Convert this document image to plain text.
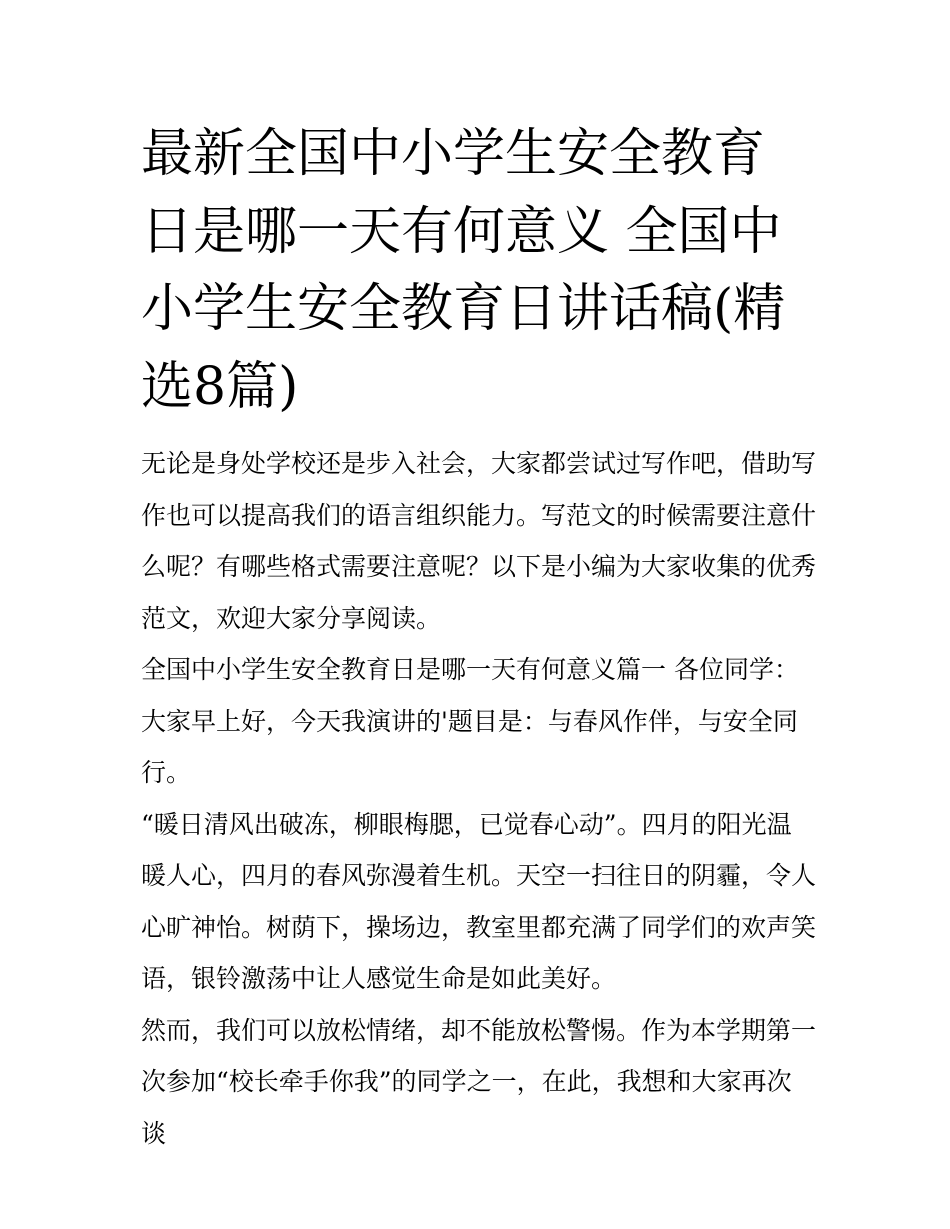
最新全国中小学生安全教育日是哪一天有何意义 全国中小学生安全教育日讲话稿(精选8篇)

无论是身处学校还是步入社会，大家都尝试过写作吧，借助写作也可以提高我们的语言组织能力。写范文的时候需要注意什么呢？有哪些格式需要注意呢？以下是小编为大家收集的优秀范文，欢迎大家分享阅读。

全国中小学生安全教育日是哪一天有何意义篇一 各位同学：

大家早上好，今天我演讲的'题目是：与春风作伴，与安全同行。

“暖日清风出破冻，柳眼梅腮，已觉春心动”。四月的阳光温暖人心，四月的春风弥漫着生机。天空一扫往日的阴霾，令人心旷神怡。树荫下，操场边，教室里都充满了同学们的欢声笑语，银铃激荡中让人感觉生命是如此美好。

然而，我们可以放松情绪，却不能放松警惕。作为本学期第一次参加“校长牵手你我”的同学之一，在此，我想和大家再次谈
